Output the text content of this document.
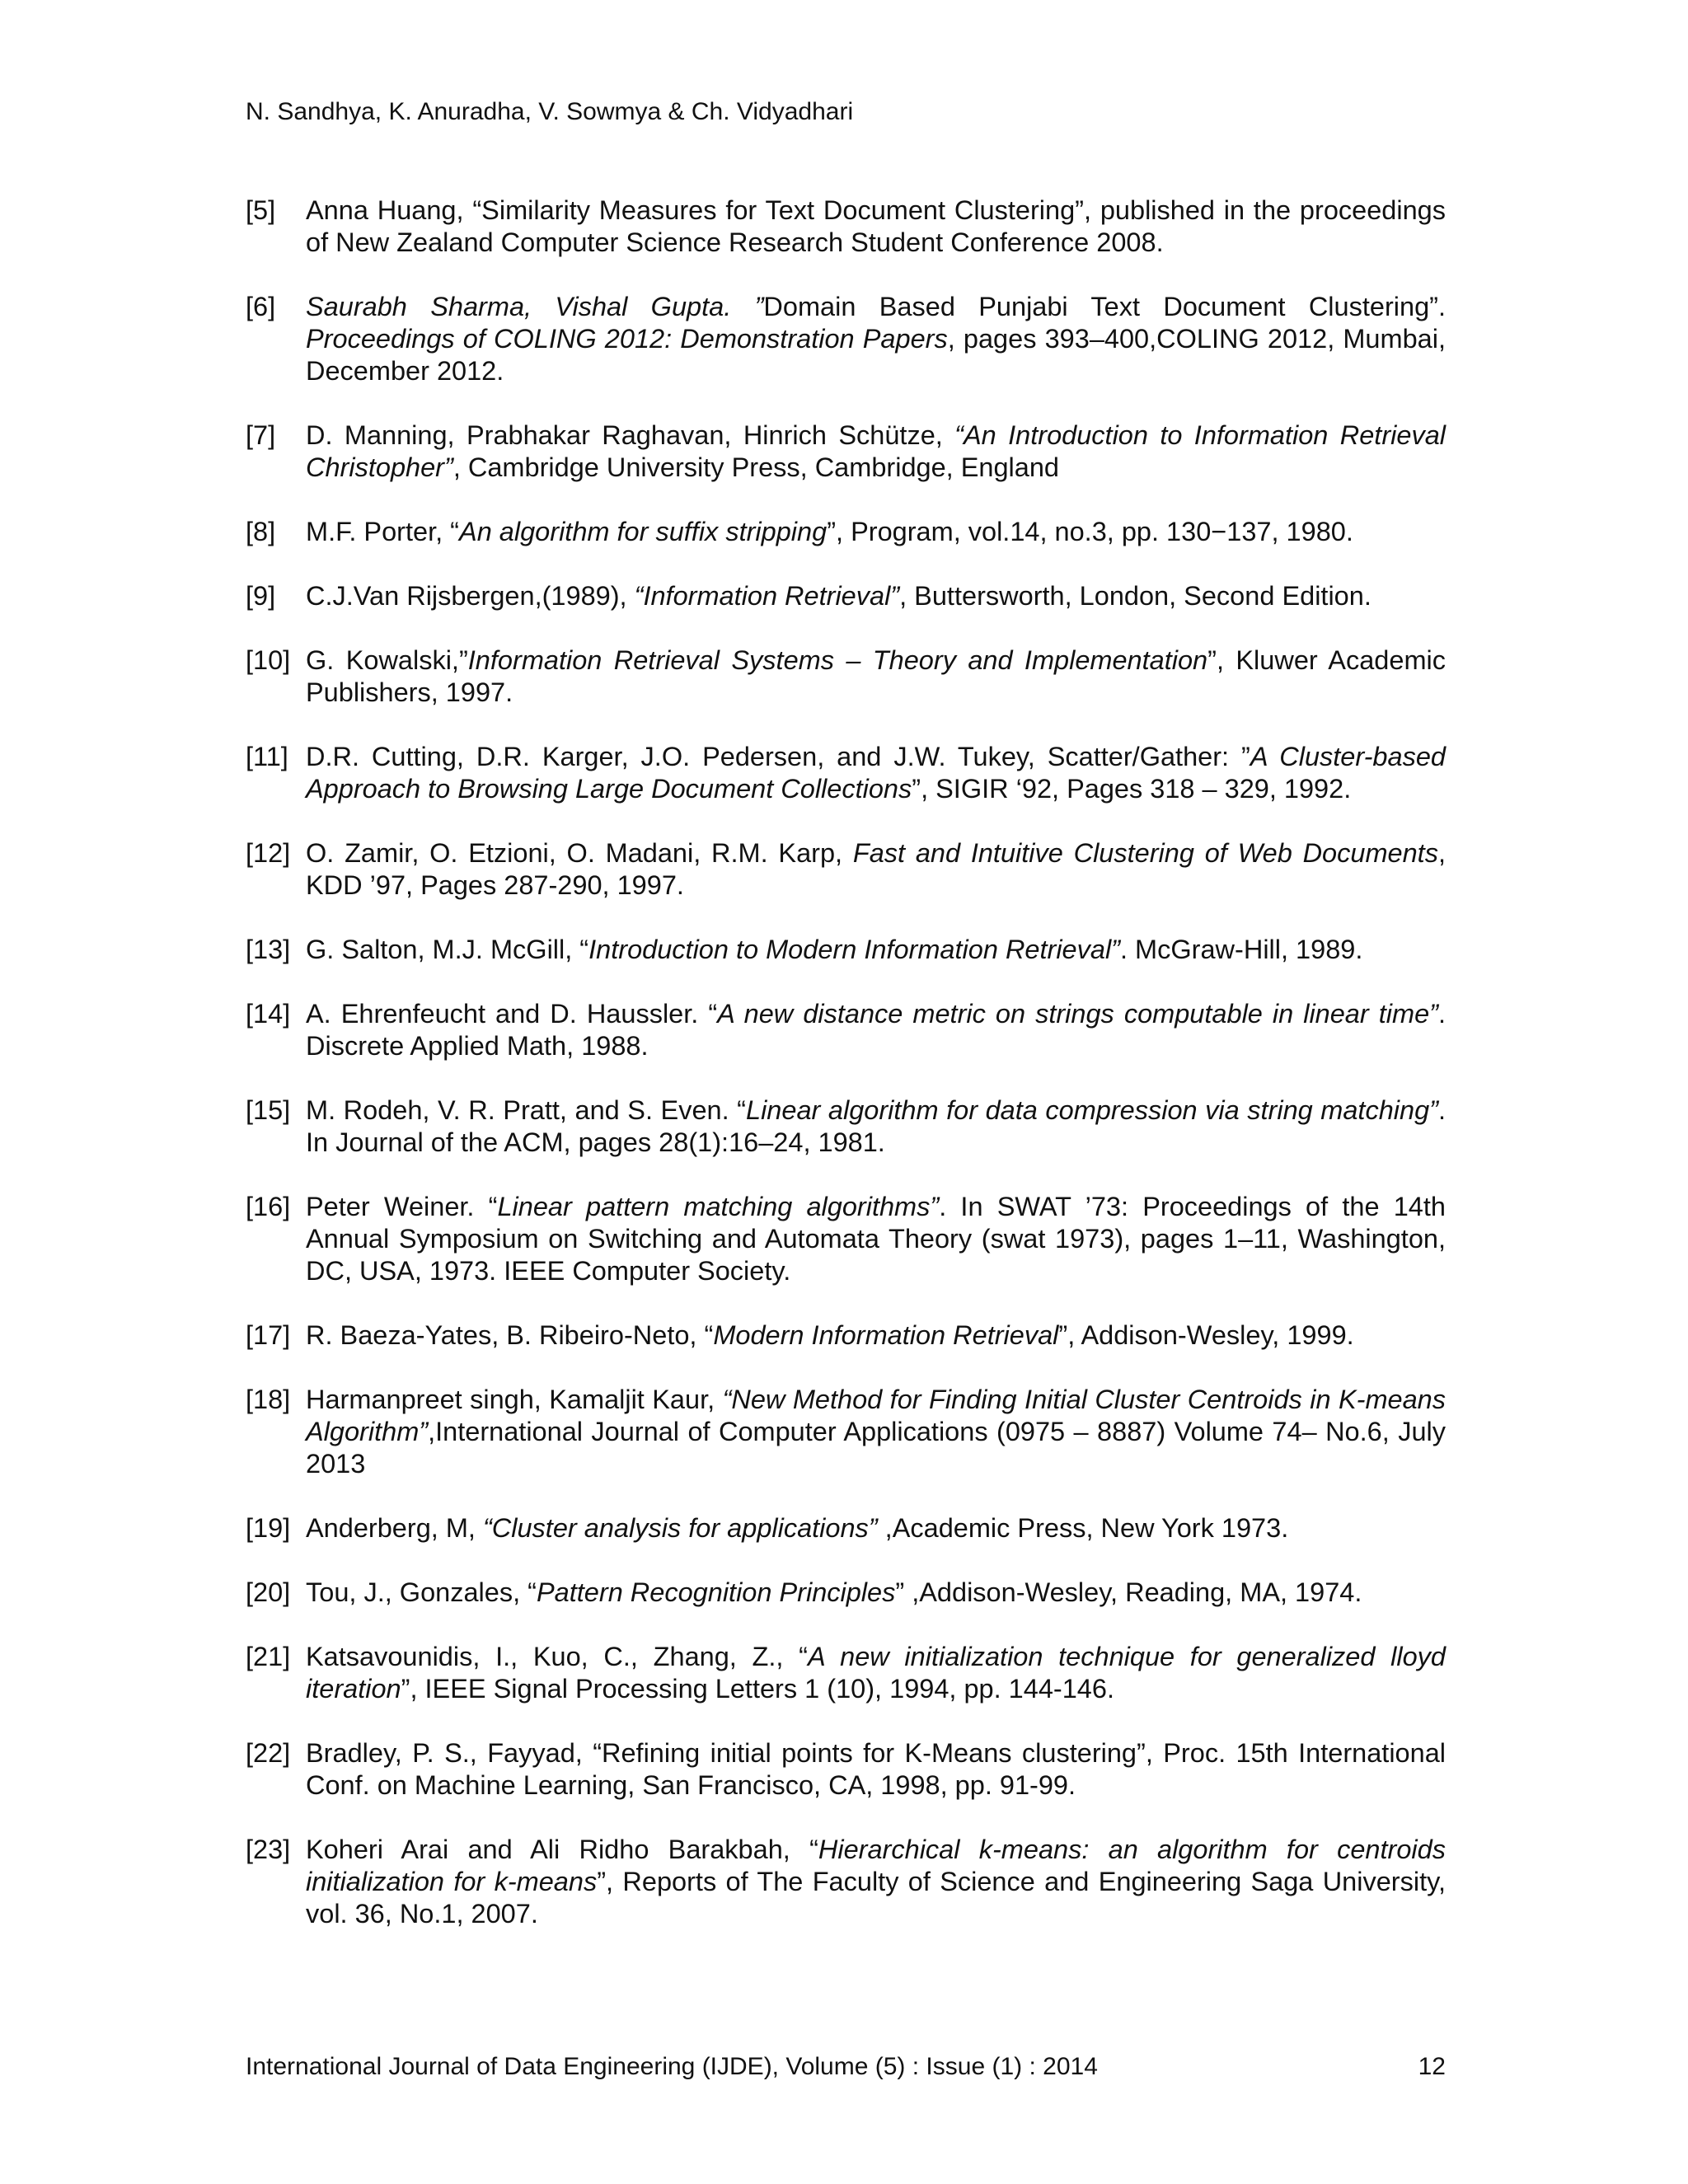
N. Sandhya, K. Anuradha, V. Sowmya & Ch. Vidyadhari
[5] Anna Huang, “Similarity Measures for Text Document Clustering”, published in the proceedings of New Zealand Computer Science Research Student Conference 2008.
[6] Saurabh Sharma, Vishal Gupta. ”Domain Based Punjabi Text Document Clustering”. Proceedings of COLING 2012: Demonstration Papers, pages 393–400,COLING 2012, Mumbai, December 2012.
[7] D. Manning, Prabhakar Raghavan, Hinrich Schütze, “An Introduction to Information Retrieval Christopher”, Cambridge University Press, Cambridge, England
[8] M.F. Porter, “An algorithm for suffix stripping”, Program, vol.14, no.3, pp. 130−137, 1980.
[9] C.J.Van Rijsbergen,(1989), “Information Retrieval”, Buttersworth, London, Second Edition.
[10] G. Kowalski,”Information Retrieval Systems – Theory and Implementation”, Kluwer Academic Publishers, 1997.
[11] D.R. Cutting, D.R. Karger, J.O. Pedersen, and J.W. Tukey, Scatter/Gather: ”A Cluster-based Approach to Browsing Large Document Collections”, SIGIR ‘92, Pages 318 – 329, 1992.
[12] O. Zamir, O. Etzioni, O. Madani, R.M. Karp, Fast and Intuitive Clustering of Web Documents, KDD ’97, Pages 287-290, 1997.
[13] G. Salton, M.J. McGill, “Introduction to Modern Information Retrieval”. McGraw-Hill, 1989.
[14] A. Ehrenfeucht and D. Haussler. “A new distance metric on strings computable in linear time”. Discrete Applied Math, 1988.
[15] M. Rodeh, V. R. Pratt, and S. Even. “Linear algorithm for data compression via string matching”. In Journal of the ACM, pages 28(1):16–24, 1981.
[16] Peter Weiner. “Linear pattern matching algorithms”. In SWAT ’73: Proceedings of the 14th Annual Symposium on Switching and Automata Theory (swat 1973), pages 1–11, Washington, DC, USA, 1973. IEEE Computer Society.
[17] R. Baeza-Yates, B. Ribeiro-Neto, “Modern Information Retrieval”, Addison-Wesley, 1999.
[18] Harmanpreet singh, Kamaljit Kaur, “New Method for Finding Initial Cluster Centroids in K-means Algorithm”,International Journal of Computer Applications (0975 – 8887) Volume 74– No.6, July 2013
[19] Anderberg, M, “Cluster analysis for applications” ,Academic Press, New York 1973.
[20] Tou, J., Gonzales, “Pattern Recognition Principles” ,Addison-Wesley, Reading, MA, 1974.
[21] Katsavounidis, I., Kuo, C., Zhang, Z., “A new initialization technique for generalized lloyd iteration”, IEEE Signal Processing Letters 1 (10), 1994, pp. 144-146.
[22] Bradley, P. S., Fayyad, “Refining initial points for K-Means clustering”, Proc. 15th International Conf. on Machine Learning, San Francisco, CA, 1998, pp. 91-99.
[23] Koheri Arai and Ali Ridho Barakbah, “Hierarchical k-means: an algorithm for centroids initialization for k-means”, Reports of The Faculty of Science and Engineering Saga University, vol. 36, No.1, 2007.
International Journal of Data Engineering (IJDE), Volume (5) : Issue (1) : 2014	12
